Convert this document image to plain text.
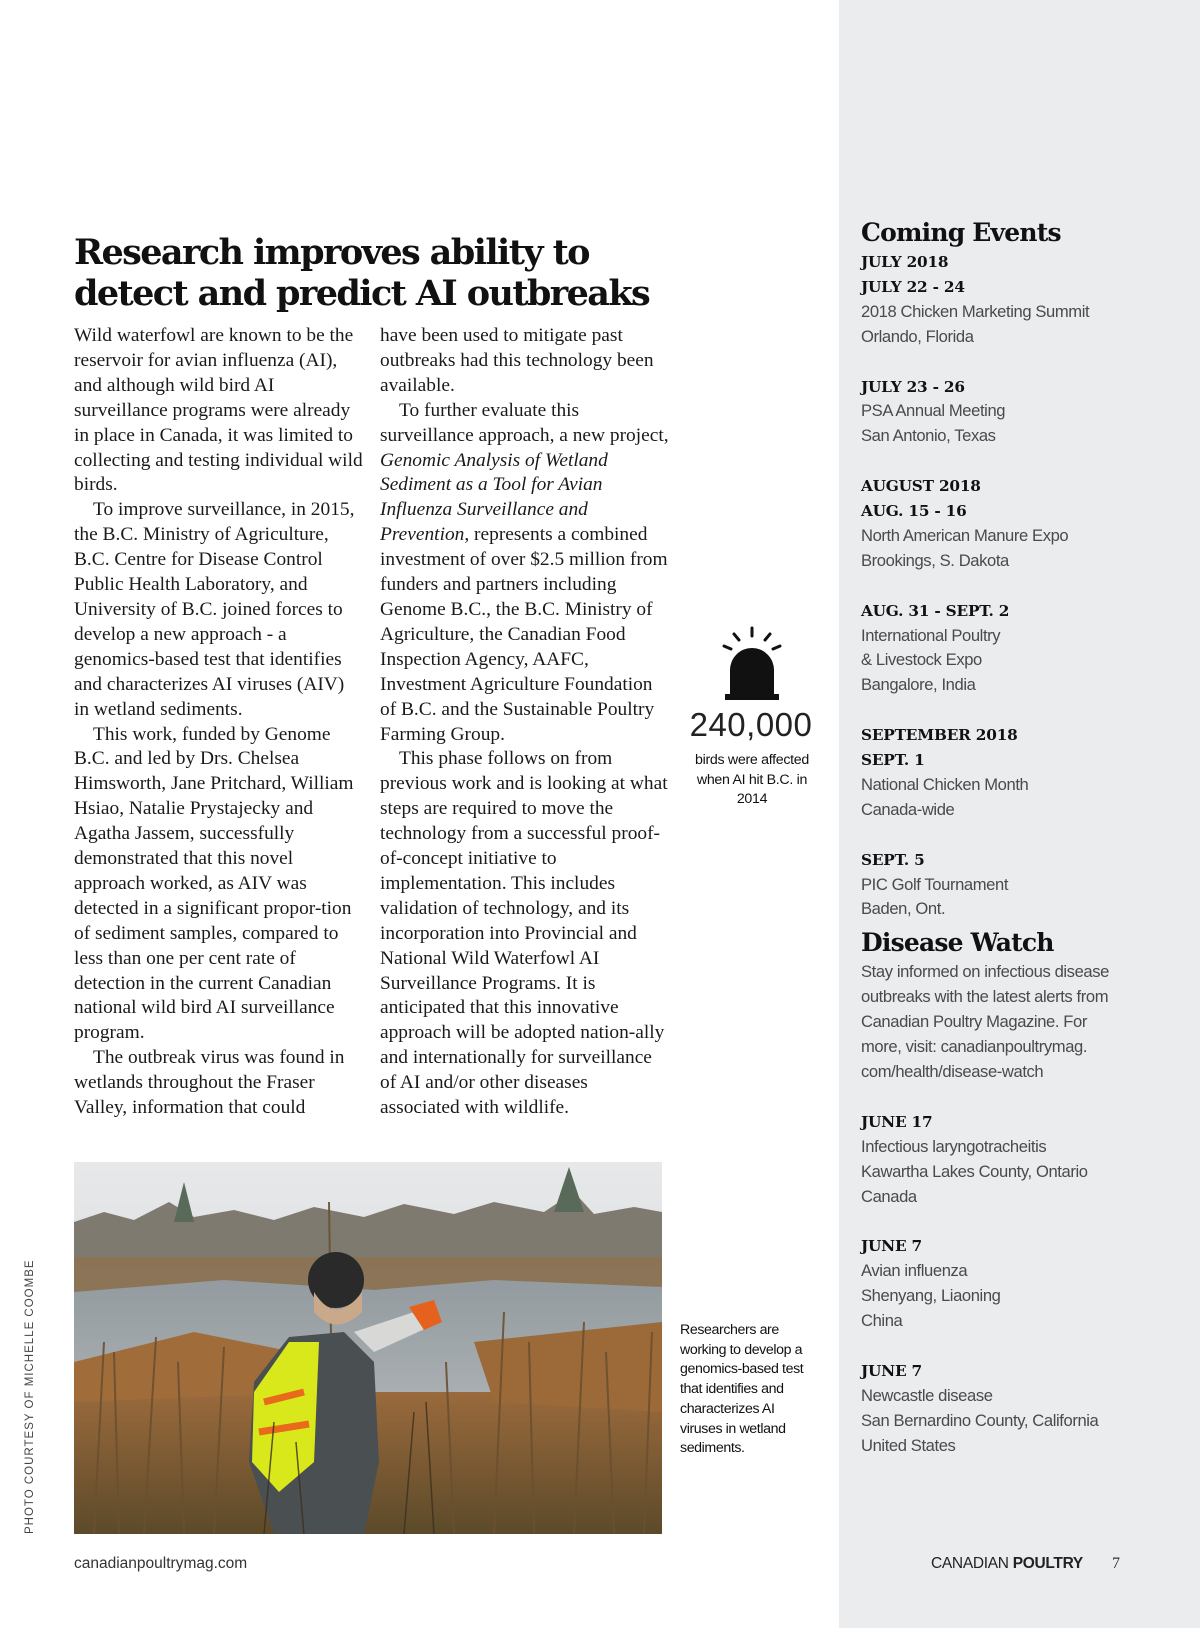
Research improves ability to
detect and predict AI outbreaks

Wild waterfowl are known to be the reservoir for avian influenza (AI), and although wild bird AI surveillance programs were already in place in Canada, it was limited to collecting and testing individual wild birds.

To improve surveillance, in 2015, the B.C. Ministry of Agriculture, B.C. Centre for Disease Control Public Health Laboratory, and University of B.C. joined forces to develop a new approach - a genomics-based test that identifies and characterizes AI viruses (AIV) in wetland sediments.

This work, funded by Genome B.C. and led by Drs. Chelsea Himsworth, Jane Pritchard, William Hsiao, Natalie Prystajecky and Agatha Jassem, successfully demonstrated that this novel approach worked, as AIV was detected in a significant propor-tion of sediment samples, compared to less than one per cent rate of detection in the current Canadian national wild bird AI surveillance program.

The outbreak virus was found in wetlands throughout the Fraser Valley, information that could

have been used to mitigate past outbreaks had this technology been available.

To further evaluate this surveillance approach, a new project, Genomic Analysis of Wetland Sediment as a Tool for Avian Influenza Surveillance and Prevention, represents a combined investment of over $2.5 million from funders and partners including Genome B.C., the B.C. Ministry of Agriculture, the Canadian Food Inspection Agency, AAFC, Investment Agriculture Foundation of B.C. and the Sustainable Poultry Farming Group.

This phase follows on from previous work and is looking at what steps are required to move the technology from a successful proof-of-concept initiative to implementation. This includes validation of technology, and its incorporation into Provincial and National Wild Waterfowl AI Surveillance Programs. It is anticipated that this innovative approach will be adopted nation-ally and internationally for surveillance of AI and/or other diseases associated with wildlife.

240,000
birds were affected when AI hit B.C. in 2014
PHOTO COURTESY OF MICHELLE COOMBE	Researchers are working to develop a genomics-based test that identifies and characterizes AI viruses in wetland sediments.
Coming Events
JULY 2018
JULY 22 - 24
2018 Chicken Marketing Summit
Orlando, Florida
JULY 23 - 26
PSA Annual Meeting
San Antonio, Texas
AUGUST 2018
AUG. 15 - 16
North American Manure Expo
Brookings, S. Dakota
AUG. 31 - SEPT. 2
International Poultry
& Livestock Expo
Bangalore, India
SEPTEMBER 2018
SEPT. 1
National Chicken Month
Canada-wide
SEPT. 5
PIC Golf Tournament
Baden, Ont.
Disease Watch
Stay informed on infectious disease
outbreaks with the latest alerts from
Canadian Poultry Magazine. For
more, visit: canadianpoultrymag.
com/health/disease-watch
JUNE 17
Infectious laryngotracheitis
Kawartha Lakes County, Ontario
Canada
JUNE 7
Avian influenza
Shenyang, Liaoning
China
JUNE 7
Newcastle disease
San Bernardino County, California
United States
canadianpoultrymag.com	CANADIAN POULTRY 7
